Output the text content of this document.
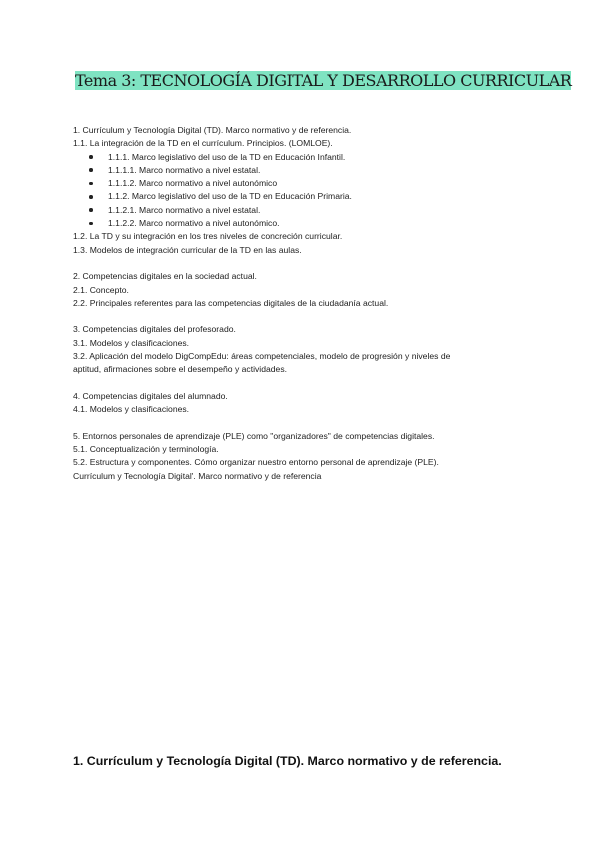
Tema 3: TECNOLOGÍA DIGITAL Y DESARROLLO CURRICULAR

1. Currículum y Tecnología Digital (TD). Marco normativo y de referencia.

1.1. La integración de la TD en el currículum. Principios. (LOMLOE).

1.1.1. Marco legislativo del uso de la TD en Educación Infantil.
1.1.1.1. Marco normativo a nivel estatal.
1.1.1.2. Marco normativo a nivel autonómico
1.1.2. Marco legislativo del uso de la TD en Educación Primaria.
1.1.2.1. Marco normativo a nivel estatal.
1.1.2.2. Marco normativo a nivel autonómico.

1.2. La TD y su integración en los tres niveles de concreción curricular.

1.3. Modelos de integración curricular de la TD en las aulas.

2. Competencias digitales en la sociedad actual.

2.1. Concepto.

2.2. Principales referentes para las competencias digitales de la ciudadanía actual.

3. Competencias digitales del profesorado.

3.1. Modelos y clasificaciones.

3.2. Aplicación del modelo DigCompEdu: áreas competenciales, modelo de progresión y niveles de

aptitud, afirmaciones sobre el desempeño y actividades.

4. Competencias digitales del alumnado.

4.1. Modelos y clasificaciones.

5. Entornos personales de aprendizaje (PLE) como "organizadores" de competencias digitales.

5.1. Conceptualización y terminología.

5.2. Estructura y componentes. Cómo organizar nuestro entorno personal de aprendizaje (PLE).

Currículum y Tecnología Digital'. Marco normativo y de referencia

1. Currículum y Tecnología Digital (TD). Marco normativo y de referencia.
